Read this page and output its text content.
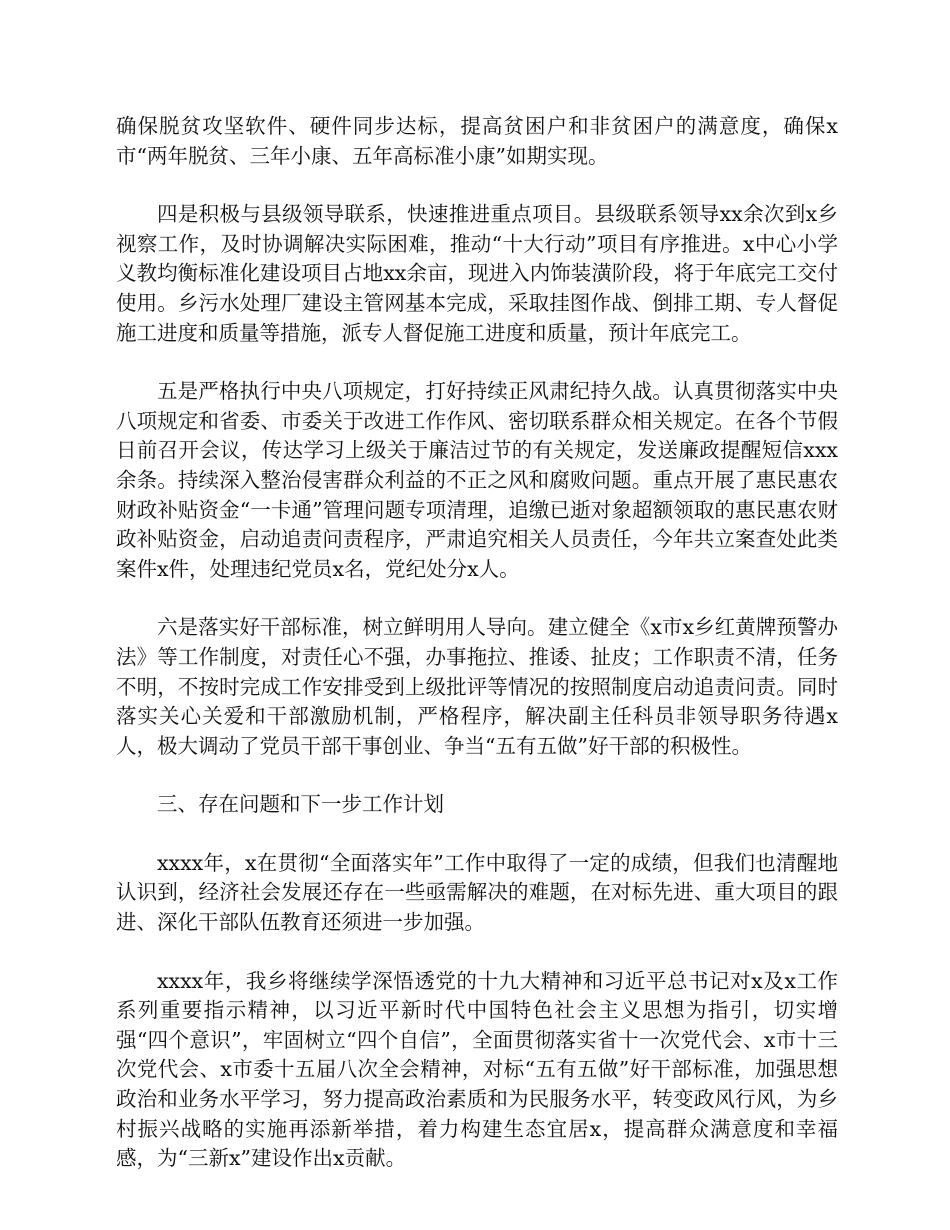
确保脱贫攻坚软件、硬件同步达标，提高贫困户和非贫困户的满意度，确保x市“两年脱贫、三年小康、五年高标准小康”如期实现。

四是积极与县级领导联系，快速推进重点项目。县级联系领导xx余次到x乡视察工作，及时协调解决实际困难，推动“十大行动”项目有序推进。x中心小学义教均衡标准化建设项目占地xx余亩，现进入内饰装潢阶段，将于年底完工交付使用。乡污水处理厂建设主管网基本完成，采取挂图作战、倒排工期、专人督促施工进度和质量等措施，派专人督促施工进度和质量，预计年底完工。

五是严格执行中央八项规定，打好持续正风肃纪持久战。认真贯彻落实中央八项规定和省委、市委关于改进工作作风、密切联系群众相关规定。在各个节假日前召开会议，传达学习上级关于廉洁过节的有关规定，发送廉政提醒短信xxx余条。持续深入整治侵害群众利益的不正之风和腐败问题。重点开展了惠民惠农财政补贴资金“一卡通”管理问题专项清理，追缴已逝对象超额领取的惠民惠农财政补贴资金，启动追责问责程序，严肃追究相关人员责任，今年共立案查处此类案件x件，处理违纪党员x名，党纪处分x人。

六是落实好干部标准，树立鲜明用人导向。建立健全《x市x乡红黄牌预警办法》等工作制度，对责任心不强，办事拖拉、推诿、扯皮；工作职责不清，任务不明，不按时完成工作安排受到上级批评等情况的按照制度启动追责问责。同时落实关心关爱和干部激励机制，严格程序，解决副主任科员非领导职务待遇x人，极大调动了党员干部干事创业、争当“五有五做”好干部的积极性。

三、存在问题和下一步工作计划

xxxx年，x在贯彻“全面落实年”工作中取得了一定的成绩，但我们也清醒地认识到，经济社会发展还存在一些亟需解决的难题，在对标先进、重大项目的跟进、深化干部队伍教育还须进一步加强。

xxxx年，我乡将继续学深悟透党的十九大精神和习近平总书记对x及x工作系列重要指示精神，以习近平新时代中国特色社会主义思想为指引，切实增强“四个意识”，牢固树立“四个自信”，全面贯彻落实省十一次党代会、x市十三次党代会、x市委十五届八次全会精神，对标“五有五做”好干部标准，加强思想政治和业务水平学习，努力提高政治素质和为民服务水平，转变政风行风，为乡村振兴战略的实施再添新举措，着力构建生态宜居x，提高群众满意度和幸福感，为“三新x”建设作出x贡献。
